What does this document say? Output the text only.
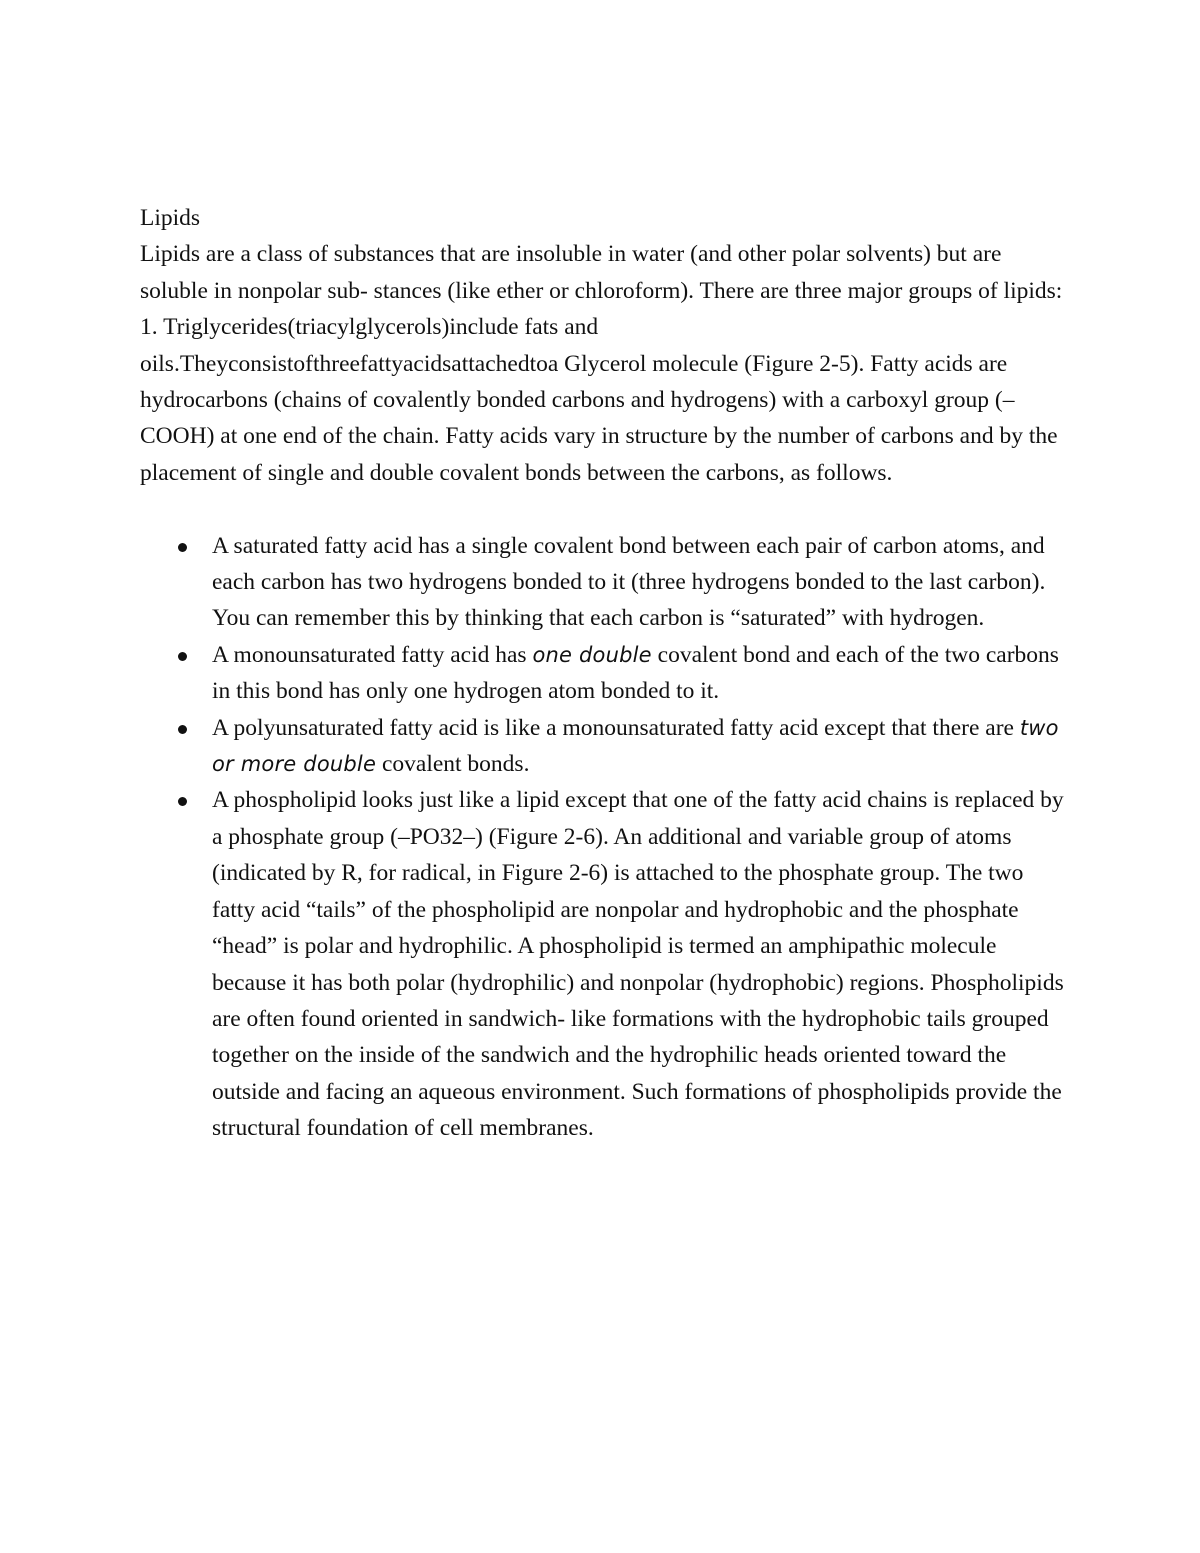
Lipids

Lipids are a class of substances that are insoluble in water (and other polar solvents) but are soluble in nonpolar sub- stances (like ether or chloroform). There are three major groups of lipids:

1. Triglycerides(triacylglycerols)include fats and

oils.Theyconsistofthreefattyacidsattachedtoa Glycerol molecule (Figure 2-5). Fatty acids are hydrocarbons (chains of covalently bonded carbons and hydrogens) with a carboxyl group (–COOH) at one end of the chain. Fatty acids vary in structure by the number of carbons and by the placement of single and double covalent bonds between the carbons, as follows.

A saturated fatty acid has a single covalent bond between each pair of carbon atoms, and each carbon has two hydrogens bonded to it (three hydrogens bonded to the last carbon). You can remember this by thinking that each carbon is “saturated” with hydrogen.
A monounsaturated fatty acid has one double covalent bond and each of the two carbons in this bond has only one hydrogen atom bonded to it.
A polyunsaturated fatty acid is like a monounsaturated fatty acid except that there are two or more double covalent bonds.
A phospholipid looks just like a lipid except that one of the fatty acid chains is replaced by a phosphate group (–PO32–) (Figure 2-6). An additional and variable group of atoms (indicated by R, for radical, in Figure 2-6) is attached to the phosphate group. The two fatty acid “tails” of the phospholipid are nonpolar and hydrophobic and the phosphate “head” is polar and hydrophilic. A phospholipid is termed an amphipathic molecule because it has both polar (hydrophilic) and nonpolar (hydrophobic) regions. Phospholipids are often found oriented in sandwich- like formations with the hydrophobic tails grouped together on the inside of the sandwich and the hydrophilic heads oriented toward the outside and facing an aqueous environment. Such formations of phospholipids provide the structural foundation of cell membranes.
